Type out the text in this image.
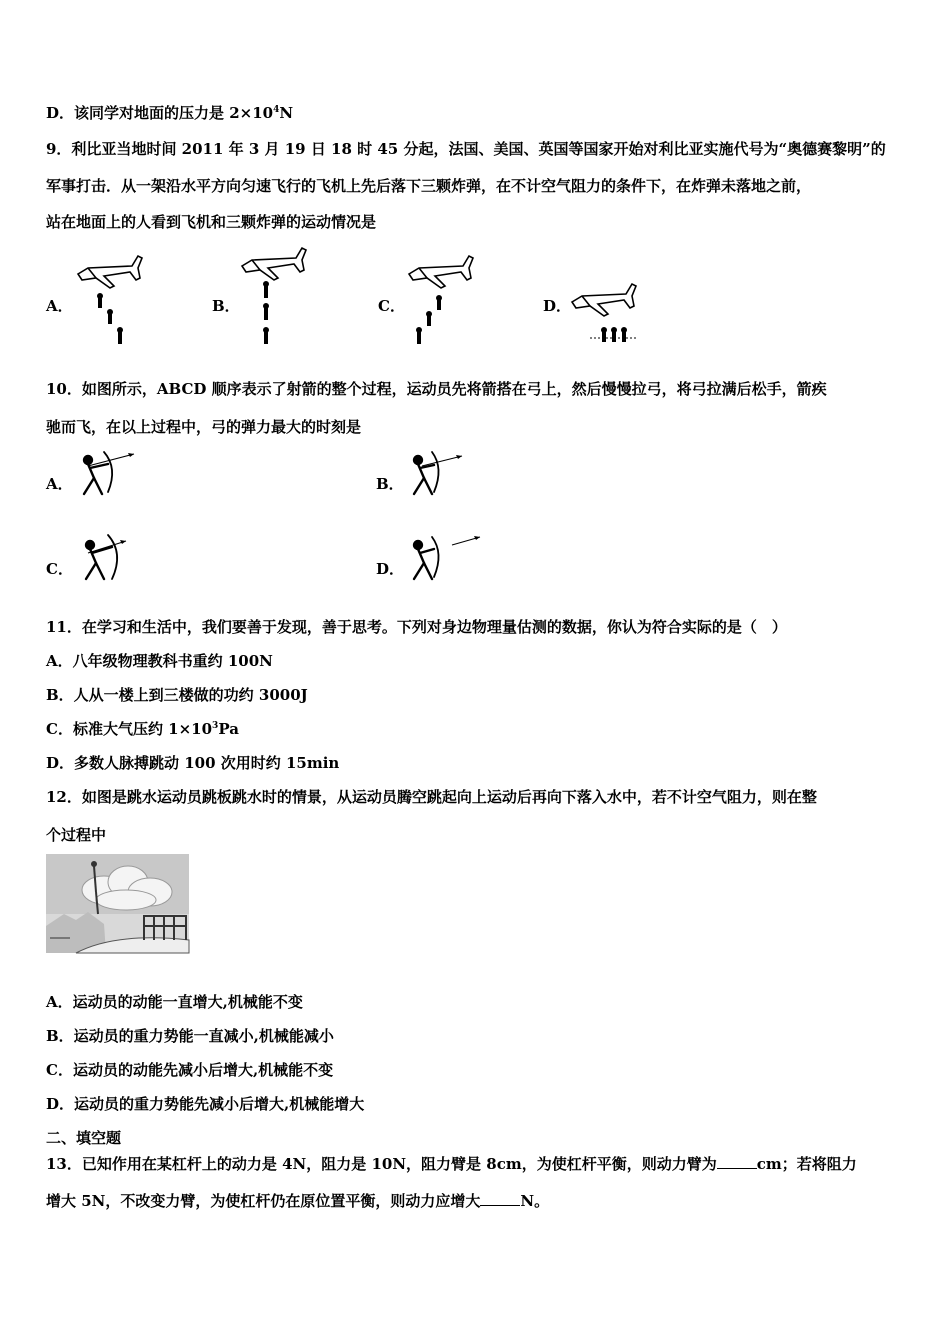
D．该同学对地面的压力是 $2\times 10^4N$
9．利比亚当地时间 2011 年 3 月 19 日 18 时 45 分起，法国、美国、英国等国家开始对利比亚实施代号为“奥德赛黎明”的
军事打击．从一架沿水平方向匀速飞行的飞机上先后落下三颗炸弹，在不计空气阻力的条件下，在炸弹未落地之前，
站在地面上的人看到飞机和三颗炸弹的运动情况是
A．	B．	C．	D．
10．如图所示，ABCD 顺序表示了射箭的整个过程，运动员先将箭搭在弓上，然后慢慢拉弓，将弓拉满后松手，箭疾
驰而飞，在以上过程中，弓的弹力最大的时刻是
A．	B．
C．	D．
11．在学习和生活中，我们要善于发现，善于思考。下列对身边物理量估测的数据，你认为符合实际的是（　）
A．八年级物理教科书重约 100N
B．人从一楼上到三楼做的功约 3000J
C．标准大气压约 $1\times 10^3Pa$
D．多数人脉搏跳动 100 次用时约 15min
12．如图是跳水运动员跳板跳水时的情景，从运动员腾空跳起向上运动后再向下落入水中，若不计空气阻力，则在整
个过程中
A．运动员的动能一直增大,机械能不变
B．运动员的重力势能一直减小,机械能减小
C．运动员的动能先减小后增大,机械能不变
D．运动员的重力势能先减小后增大,机械能增大
二、填空题
13．已知作用在某杠杆上的动力是 4N，阻力是 10N，阻力臂是 8cm，为使杠杆平衡，则动力臂为	cm；若将阻力
增大 5N，不改变力臂，为使杠杆仍在原位置平衡，则动力应增大	N。
